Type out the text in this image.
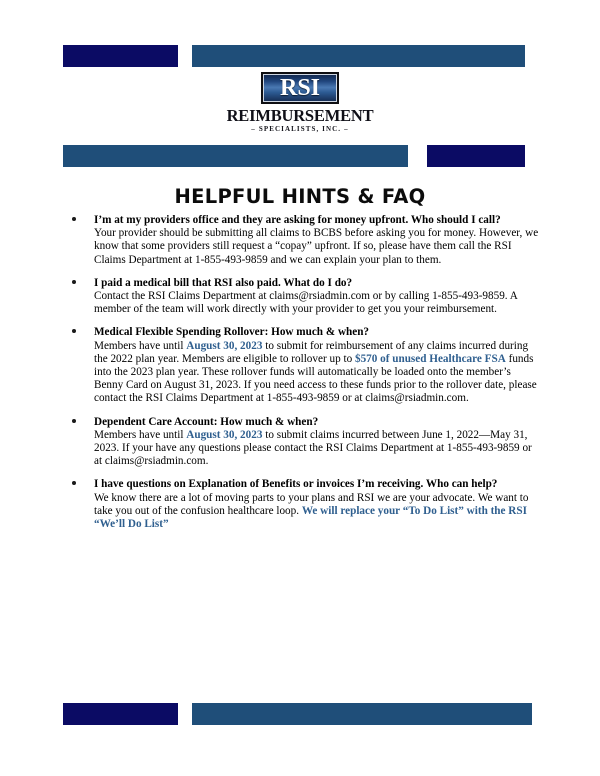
RSI
REIMBURSEMENT
– SPECIALISTS, INC. –
HELPFUL HINTS & FAQ
I’m at my providers office and they are asking for money upfront. Who should I call?
Your provider should be submitting all claims to BCBS before asking you for money. However, we know that some providers still request a “copay” upfront. If so, please have them call the RSI Claims Department at 1-855-493-9859 and we can explain your plan to them.
I paid a medical bill that RSI also paid. What do I do?
Contact the RSI Claims Department at claims@rsiadmin.com or by calling 1-855-493-9859. A member of the team will work directly with your provider to get you your reimbursement.
Medical Flexible Spending Rollover: How much & when?
Members have until August 30, 2023 to submit for reimbursement of any claims incurred during the 2022 plan year. Members are eligible to rollover up to $570 of unused Healthcare FSA funds into the 2023 plan year. These rollover funds will automatically be loaded onto the member’s Benny Card on August 31, 2023. If you need access to these funds prior to the rollover date, please contact the RSI Claims Department at 1-855-493-9859 or at claims@rsiadmin.com.
Dependent Care Account: How much & when?
Members have until August 30, 2023 to submit claims incurred between June 1, 2022—May 31, 2023. If your have any questions please contact the RSI Claims Department at 1-855-493-9859 or at claims@rsiadmin.com.
I have questions on Explanation of Benefits or invoices I’m receiving. Who can help?
We know there are a lot of moving parts to your plans and RSI we are your advocate. We want to take you out of the confusion healthcare loop. We will replace your “To Do List” with the RSI “We’ll Do List”
